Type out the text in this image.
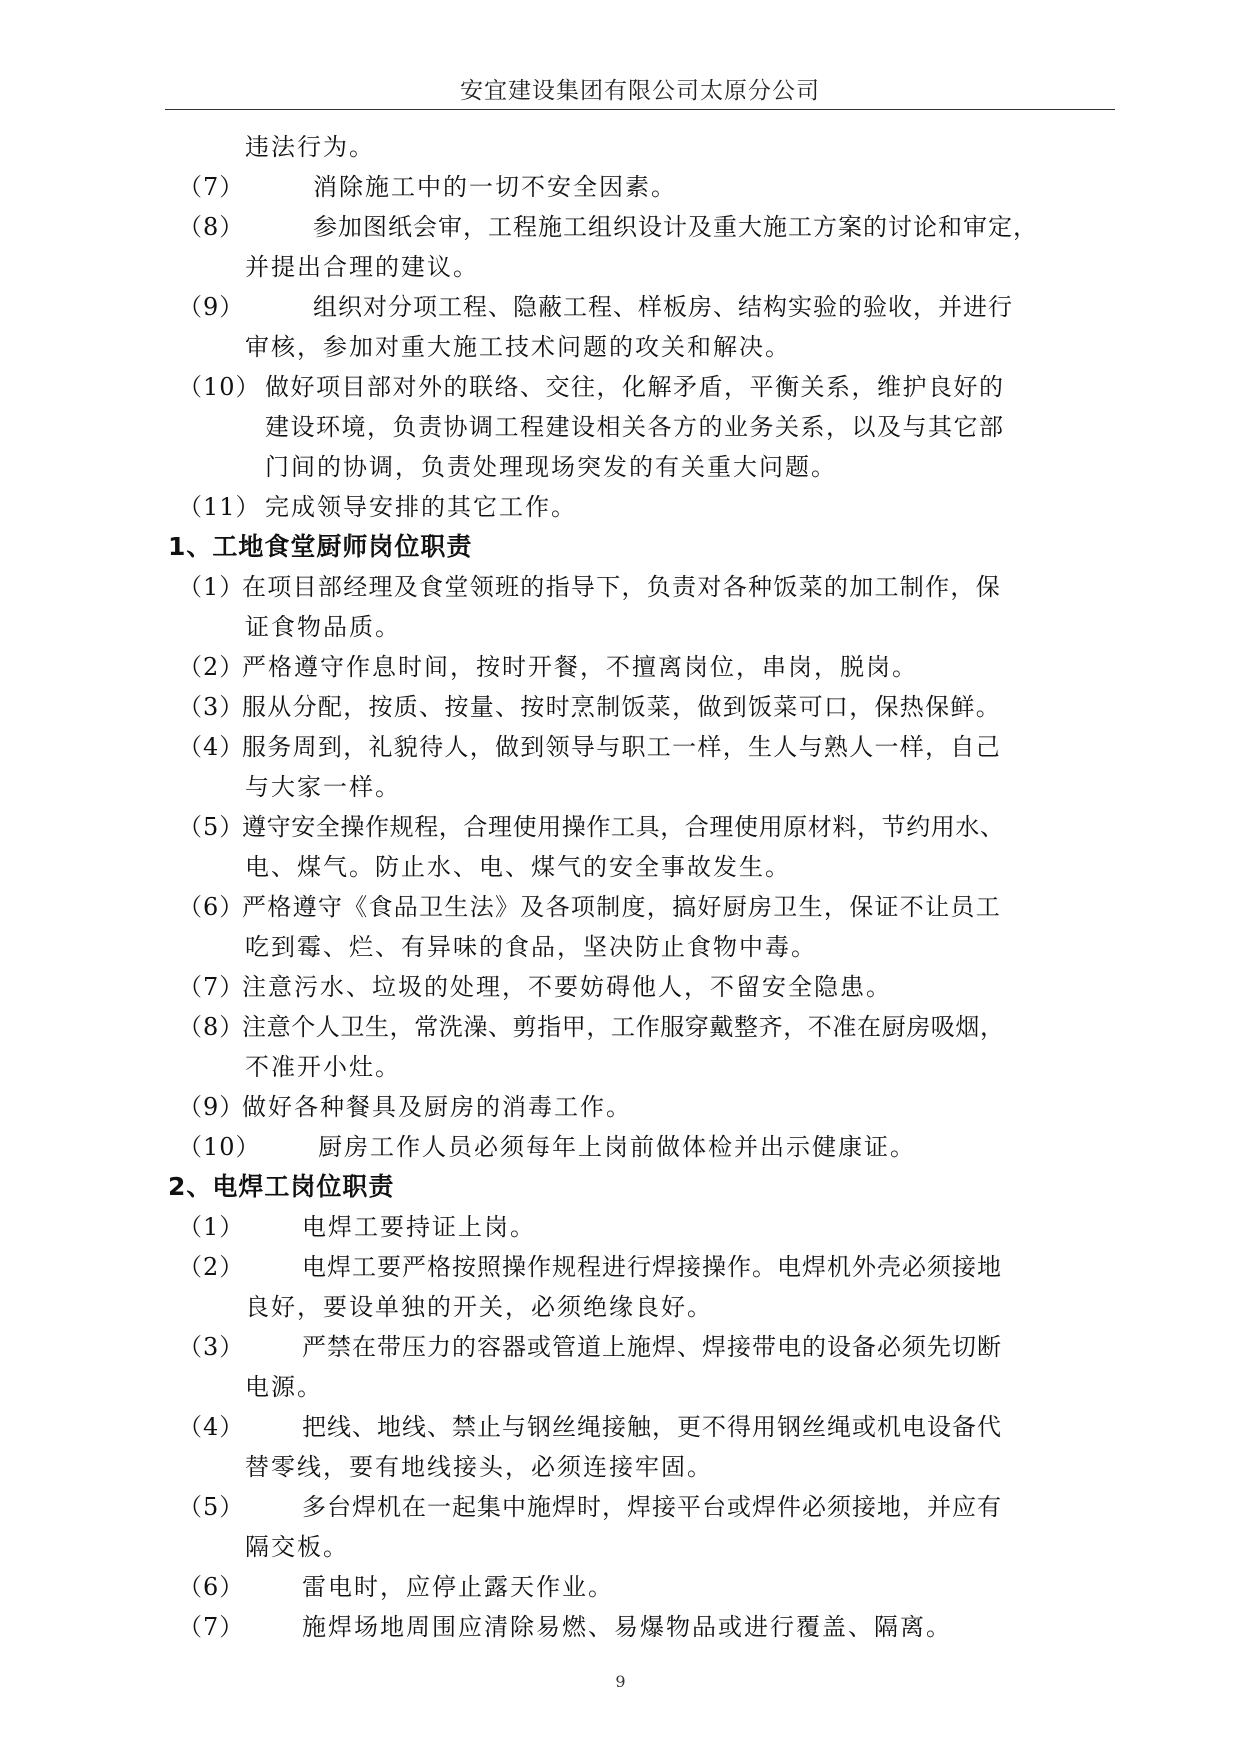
安宜建设集团有限公司太原分公司
违法行为。
（7）	消除施工中的一切不安全因素。
（8）	参加图纸会审，工程施工组织设计及重大施工方案的讨论和审定，
并提出合理的建议。
（9）	组织对分项工程、隐蔽工程、样板房、结构实验的验收，并进行
审核，参加对重大施工技术问题的攻关和解决。
（10） 做好项目部对外的联络、交往，化解矛盾，平衡关系，维护良好的
建设环境，负责协调工程建设相关各方的业务关系，以及与其它部
门间的协调，负责处理现场突发的有关重大问题。
（11） 完成领导安排的其它工作。
1、工地食堂厨师岗位职责
（1）
在项目部经理及食堂领班的指导下，负责对各种饭菜的加工制作，保
证食物品质。
（2）
严格遵守作息时间，按时开餐，不擅离岗位，串岗，脱岗。
（3）
服从分配，按质、按量、按时烹制饭菜，做到饭菜可口，保热保鲜。
（4）
服务周到，礼貌待人，做到领导与职工一样，生人与熟人一样，自己
与大家一样。
（5）
遵守安全操作规程，合理使用操作工具，合理使用原材料，节约用水、
电、煤气。防止水、电、煤气的安全事故发生。
（6）
严格遵守《食品卫生法》及各项制度，搞好厨房卫生，保证不让员工
吃到霉、烂、有异味的食品，坚决防止食物中毒。
（7）
注意污水、垃圾的处理，不要妨碍他人，不留安全隐患。
（8）
注意个人卫生，常洗澡、剪指甲，工作服穿戴整齐，不准在厨房吸烟，
不准开小灶。
（9）
做好各种餐具及厨房的消毒工作。
（10） 厨房工作人员必须每年上岗前做体检并出示健康证。
2、电焊工岗位职责
（1） 电焊工要持证上岗。
（2） 电焊工要严格按照操作规程进行焊接操作。电焊机外壳必须接地
良好，要设单独的开关，必须绝缘良好。
（3） 严禁在带压力的容器或管道上施焊、焊接带电的设备必须先切断
电源。
（4） 把线、地线、禁止与钢丝绳接触，更不得用钢丝绳或机电设备代
替零线，要有地线接头，必须连接牢固。
（5） 多台焊机在一起集中施焊时，焊接平台或焊件必须接地，并应有
隔交板。
（6） 雷电时，应停止露天作业。
（7） 施焊场地周围应清除易燃、易爆物品或进行覆盖、隔离。
9
